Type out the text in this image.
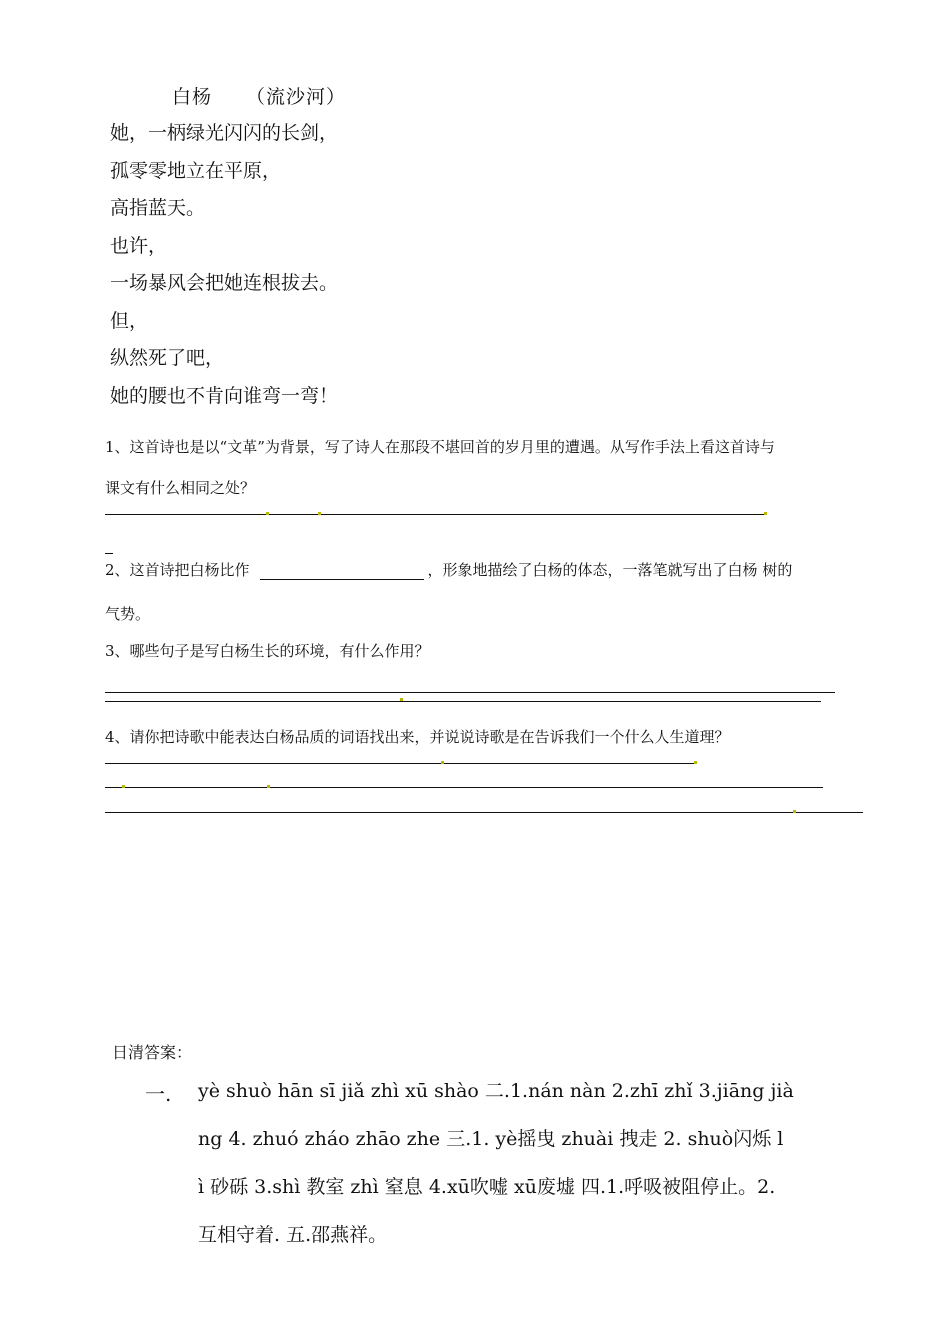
白杨 （流沙河）
她，一柄绿光闪闪的长剑，
孤零零地立在平原，
高指蓝天。
也许，
一场暴风会把她连根拔去。
但，
纵然死了吧，
她的腰也不肯向谁弯一弯！
1、这首诗也是以“文革”为背景，写了诗人在那段不堪回首的岁月里的遭遇。从写作手法上看这首诗与
课文有什么相同之处？
2、这首诗把白杨比作	，形象地描绘了白杨的体态，一落笔就写出了白杨 树的
气势。
3、哪些句子是写白杨生长的环境，有什么作用？
4、请你把诗歌中能表达白杨品质的词语找出来，并说说诗歌是在告诉我们一个什么人生道理？
日清答案：
一. yè shuò hān sī jiǎ zhì xū shào 二.1.nán nàn 2.zhī zhǐ 3.jiāng jià
ng 4. zhuó zháo zhāo zhe 三.1. yè摇曳 zhuài 拽走 2. shuò闪烁 l
ì 砂砾 3.shì 教室 zhì 窒息 4.xū吹嘘 xū废墟 四.1.呼吸被阻停止。2.
互相守着. 五.邵燕祥。
